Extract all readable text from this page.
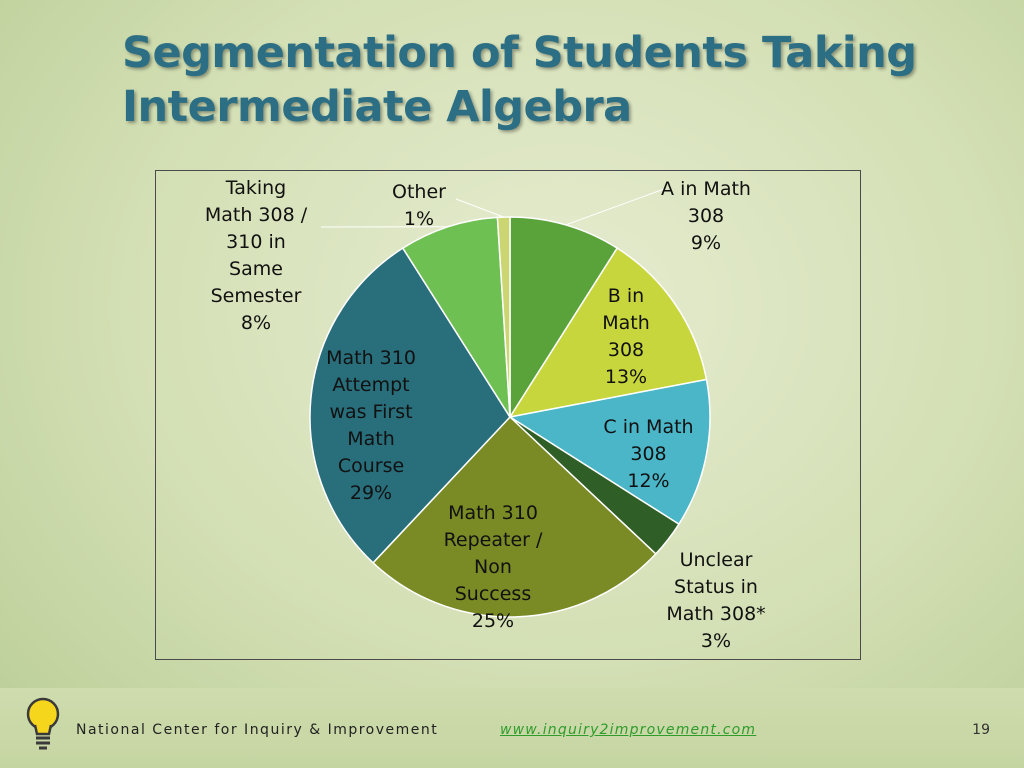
Segmentation of Students Taking
Intermediate Algebra
A in Math
308
9%
B in
Math
308
13%
C in Math
308
12%
Unclear
Status in
Math 308*
3%
Math 310
Repeater /
Non
Success
25%
Math 310
Attempt
was First
Math
Course
29%
Taking
Math 308 /
310 in
Same
Semester
8%
Other
1%
National Center for Inquiry & Improvement	www.inquiry2improvement.com	19
